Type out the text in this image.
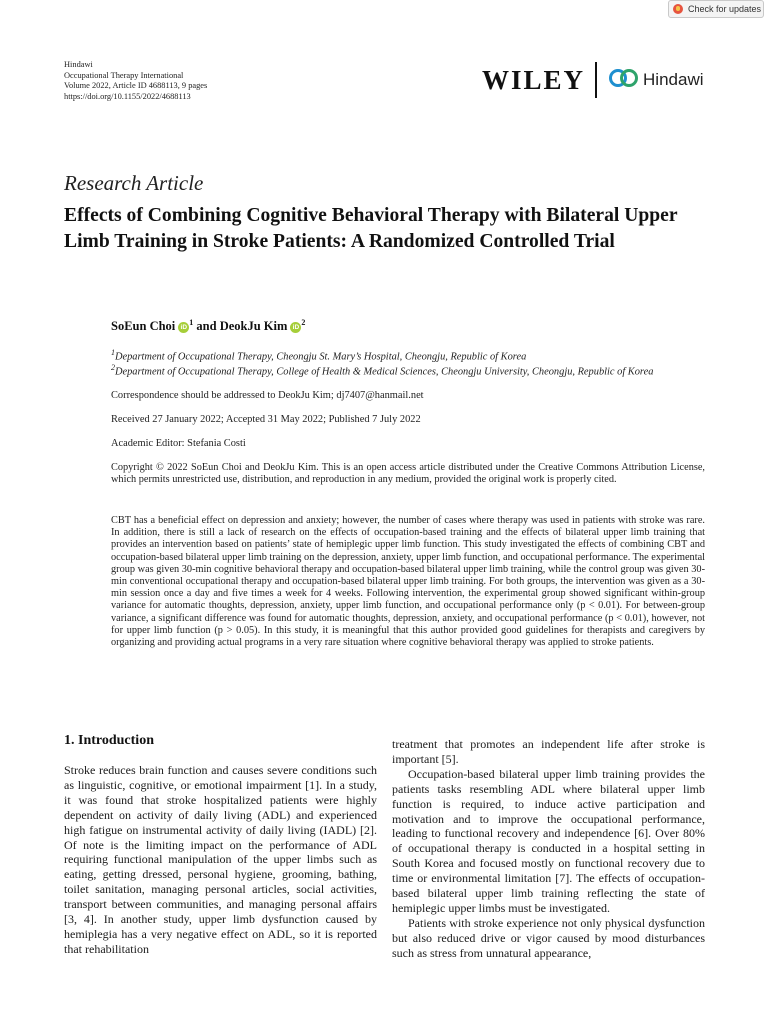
Check for updates
Hindawi
Occupational Therapy International
Volume 2022, Article ID 4688113, 9 pages
https://doi.org/10.1155/2022/4688113
WILEY	Hindawi
Research Article
Effects of Combining Cognitive Behavioral Therapy with Bilateral Upper Limb Training in Stroke Patients: A Randomized Controlled Trial
SoEun Choi $iD^1$ and DeokJu Kim $iD^2$
$^1$Department of Occupational Therapy, Cheongju St. Mary’s Hospital, Cheongju, Republic of Korea
$^2$Department of Occupational Therapy, College of Health & Medical Sciences, Cheongju University, Cheongju, Republic of Korea
Correspondence should be addressed to DeokJu Kim; dj7407@hanmail.net
Received 27 January 2022; Accepted 31 May 2022; Published 7 July 2022
Academic Editor: Stefania Costi
Copyright © 2022 SoEun Choi and DeokJu Kim. This is an open access article distributed under the Creative Commons Attribution License, which permits unrestricted use, distribution, and reproduction in any medium, provided the original work is properly cited.
CBT has a beneficial effect on depression and anxiety; however, the number of cases where therapy was used in patients with stroke was rare. In addition, there is still a lack of research on the effects of occupation-based training and the effects of bilateral upper limb training that provides an intervention based on patients’ state of hemiplegic upper limb function. This study investigated the effects of combining CBT and occupation-based bilateral upper limb training on the depression, anxiety, upper limb function, and occupational performance. The experimental group was given 30-min cognitive behavioral therapy and occupation-based bilateral upper limb training, while the control group was given 30-min conventional occupational therapy and occupation-based bilateral upper limb training. For both groups, the intervention was given as a 30-min session once a day and five times a week for 4 weeks. Following intervention, the experimental group showed significant within-group variance for automatic thoughts, depression, anxiety, upper limb function, and occupational performance only (p < 0.01). For between-group variance, a significant difference was found for automatic thoughts, depression, anxiety, and occupational performance (p < 0.01), however, not for upper limb function (p > 0.05). In this study, it is meaningful that this author provided good guidelines for therapists and caregivers by organizing and providing actual programs in a very rare situation where cognitive behavioral therapy was applied to stroke patients.
1. Introduction

Stroke reduces brain function and causes severe conditions such as linguistic, cognitive, or emotional impairment [1]. In a study, it was found that stroke hospitalized patients were highly dependent on activity of daily living (ADL) and experienced high fatigue on instrumental activity of daily living (IADL) [2]. Of note is the limiting impact on the performance of ADL requiring functional manipulation of the upper limbs such as eating, getting dressed, personal hygiene, grooming, bathing, toilet sanitation, managing personal articles, social activities, transport between communities, and managing personal affairs [3, 4]. In another study, upper limb dysfunction caused by hemiplegia has a very negative effect on ADL, so it is reported that rehabilitation

treatment that promotes an independent life after stroke is important [5].

Occupation-based bilateral upper limb training provides the patients tasks resembling ADL where bilateral upper limb function is required, to induce active participation and motivation and to improve the occupational performance, leading to functional recovery and independence [6]. Over 80% of occupational therapy is conducted in a hospital setting in South Korea and focused mostly on functional recovery due to time or environmental limitation [7]. The effects of occupation-based bilateral upper limb training reflecting the state of hemiplegic upper limbs must be investigated.

Patients with stroke experience not only physical dysfunction but also reduced drive or vigor caused by mood disturbances such as stress from unnatural appearance,
